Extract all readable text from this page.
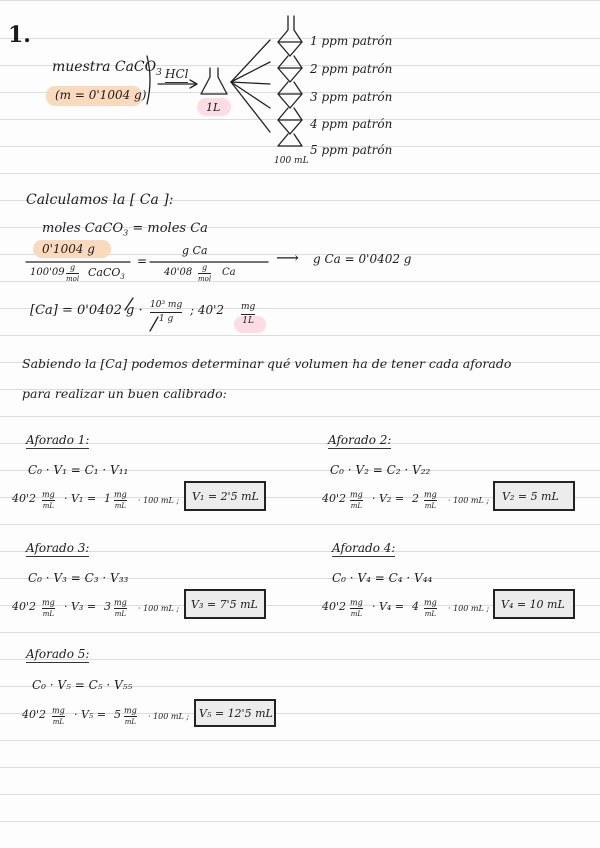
1.
muestra CaCO$_3$
(m = 0'1004 g)
HCl
1L
1 ppm patrón
2 ppm patrón
3 ppm patrón
4 ppm patrón
5 ppm patrón
100 mL
Calculamos la [ Ca ]:
moles CaCO$_3$ = moles Ca
0'1004 g
100'09 g
mol CaCO$_3$
=
g Ca
40'08 g
mol
Ca
⟶ g Ca = 0'0402 g
[Ca] = 0'0402 g · 10³ mg
1 g
; 40'2 mg
1L
Sabiendo la [Ca] podemos determinar qué volumen ha de tener cada aforado
para realizar un buen calibrado:
Aforado 1:
C₀ · V₁ = C₁ · V₁₁
40'2 mg
mL
· V₁ = 1 mg
mL
· 100 mL ; V₁ = 2'5 mL
Aforado 2:
C₀ · V₂ = C₂ · V₂₂
40'2 mg
mL
· V₂ = 2 mg
mL
· 100 mL ; V₂ = 5 mL
Aforado 3:
C₀ · V₃ = C₃ · V₃₃
40'2 mg
mL
· V₃ = 3 mg
mL
· 100 mL ; V₃ = 7'5 mL
Aforado 4:
C₀ · V₄ = C₄ · V₄₄
40'2 mg
mL
· V₄ = 4 mg
mL
· 100 mL ; V₄ = 10 mL
Aforado 5:
C₀ · V₅ = C₅ · V₅₅
40'2 mg
mL
· V₅ = 5 mg
mL
· 100 mL ; V₅ = 12'5 mL
